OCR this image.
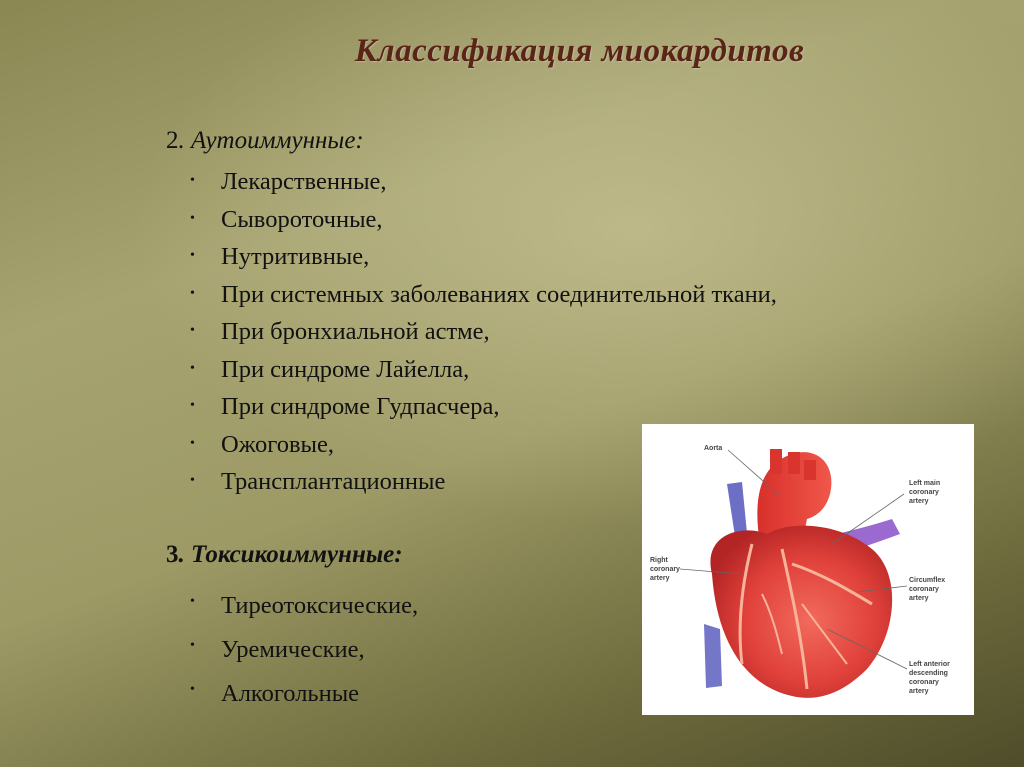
Классификация миокардитов
2. Аутоиммунные:
• Лекарственные,
• Сывороточные,
• Нутритивные,
• При системных заболеваниях соединительной ткани,
• При бронхиальной астме,
• При синдроме Лайелла,
• При синдроме Гудпасчера,
• Ожоговые,
• Трансплантационные
3. Токсикоиммунные:
• Тиреотоксические,
• Уремические,
• Алкогольные
Aorta
Left main
coronary
artery
Right
coronary
artery	Circumflex
coronary
artery
Left anterior
descending
coronary
artery
